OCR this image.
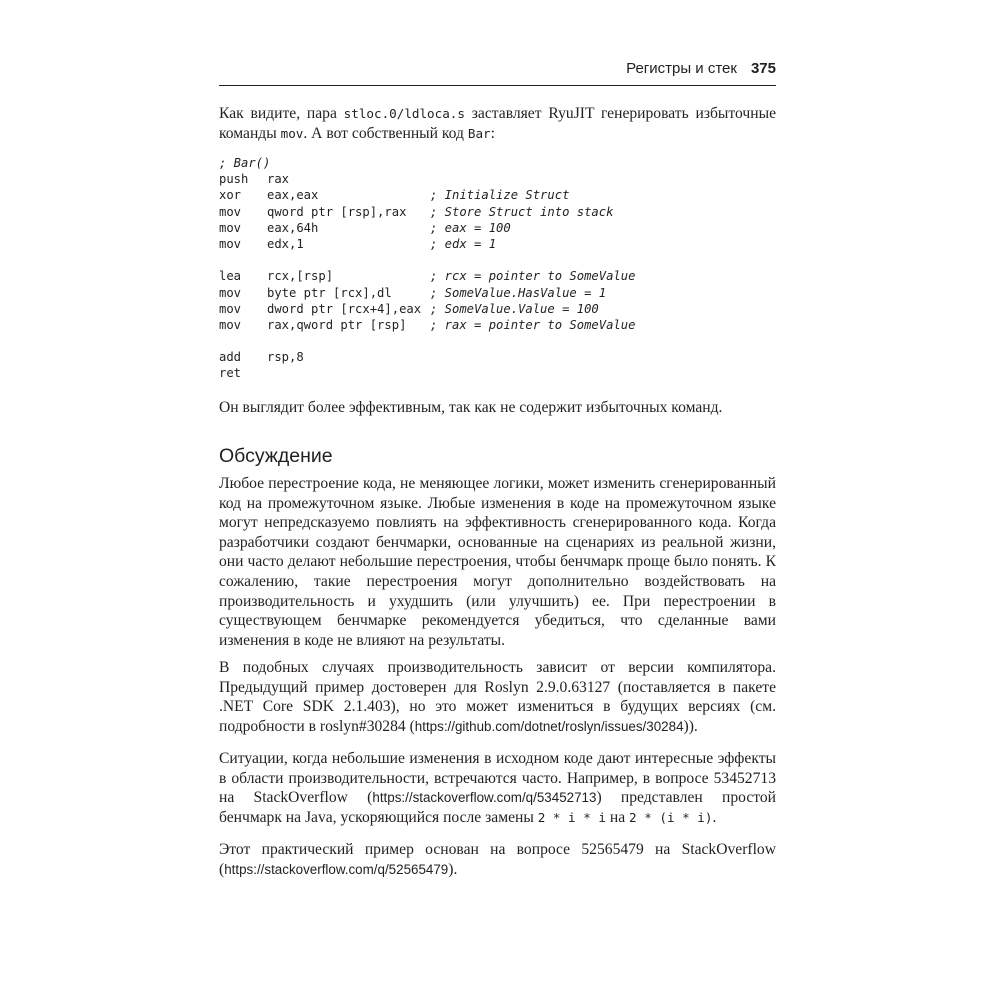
Регистры и стек 375

Как видите, пара stloc.0/ldloca.s заставляет RyuJIT генерировать избыточные команды mov. А вот собственный код Bar:

; Bar()
push rax
xor eax,eax	; Initialize Struct
mov qword ptr [rsp],rax ; Store Struct into stack
mov eax,64h	; eax = 100
mov edx,1	; edx = 1
lea rcx,[rsp]	; rcx = pointer to SomeValue
mov byte ptr [rcx],dl	; SomeValue.HasValue = 1
mov dword ptr [rcx+4],eax ; SomeValue.Value = 100
mov rax,qword ptr [rsp] ; rax = pointer to SomeValue
add rsp,8
ret

Он выглядит более эффективным, так как не содержит избыточных команд.

Обсуждение

Любое перестроение кода, не меняющее логики, может изменить сгенерированный код на промежуточном языке. Любые изменения в коде на промежуточном языке могут непредсказуемо повлиять на эффективность сгенерированного кода. Когда разработчики создают бенчмарки, основанные на сценариях из реальной жизни, они часто делают небольшие перестроения, чтобы бенчмарк проще было понять. К сожалению, такие перестроения могут дополнительно воздействовать на производительность и ухудшить (или улучшить) ее. При перестроении в существующем бенчмарке рекомендуется убедиться, что сделанные вами изменения в коде не влияют на результаты.

В подобных случаях производительность зависит от версии компилятора. Предыдущий пример достоверен для Roslyn 2.9.0.63127 (поставляется в пакете .NET Core SDK 2.1.403), но это может измениться в будущих версиях (см. подробности в roslyn#30284 (https://github.com/dotnet/roslyn/issues/30284)).

Ситуации, когда небольшие изменения в исходном коде дают интересные эффекты в области производительности, встречаются часто. Например, в вопросе 53452713 на StackOverflow (https://stackoverflow.com/q/53452713) представлен простой бенчмарк на Java, ускоряющийся после замены 2 * i * i на 2 * (i * i).

Этот практический пример основан на вопросе 52565479 на StackOverflow (https://stackoverflow.com/q/52565479).
